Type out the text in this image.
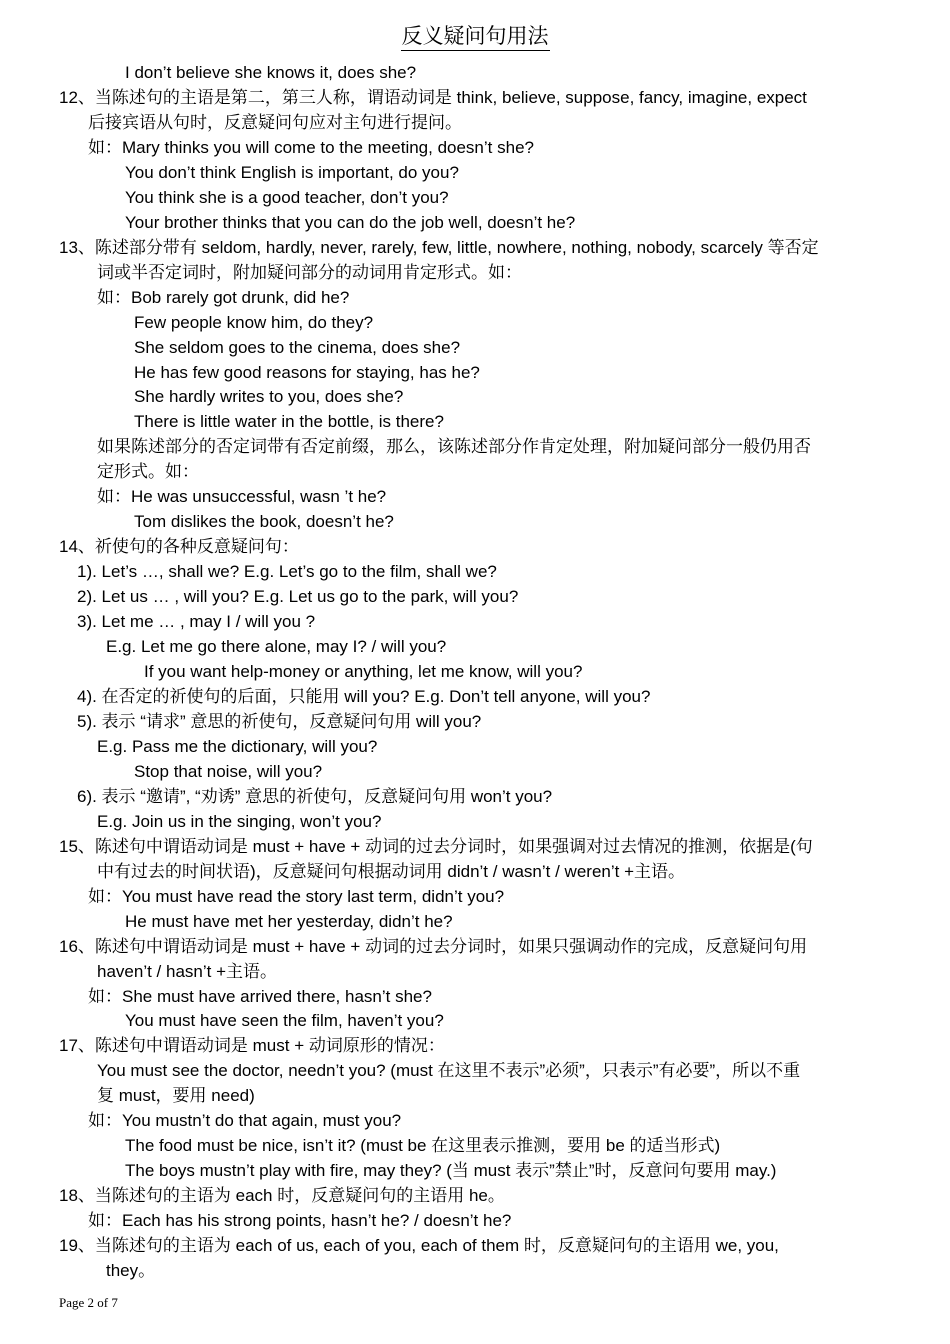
反义疑问句用法
I don’t believe she knows it, does she?
12、当陈述句的主语是第二，第三人称，谓语动词是 think, believe, suppose, fancy, imagine, expect
后接宾语从句时，反意疑问句应对主句进行提问。
如：Mary thinks you will come to the meeting, doesn’t she?
You don’t think English is important, do you?
You think she is a good teacher, don’t you?
Your brother thinks that you can do the job well, doesn’t he?
13、陈述部分带有 seldom, hardly, never, rarely, few, little, nowhere, nothing, nobody, scarcely 等否定
词或半否定词时，附加疑问部分的动词用肯定形式。如：
如：Bob rarely got drunk, did he?
Few people know him, do they?
She seldom goes to the cinema, does she?
He has few good reasons for staying, has he?
She hardly writes to you, does she?
There is little water in the bottle, is there?
如果陈述部分的否定词带有否定前缀，那么，该陈述部分作肯定处理，附加疑问部分一般仍用否
定形式。如：
如：He was unsuccessful, wasn ’t he?
Tom dislikes the book, doesn’t he?
14、祈使句的各种反意疑问句：
1). Let’s …, shall we? E.g. Let’s go to the film, shall we?
2). Let us … , will you? E.g. Let us go to the park, will you?
3). Let me … , may I / will you ?
E.g. Let me go there alone, may I? / will you?
If you want help-money or anything, let me know, will you?
4). 在否定的祈使句的后面，只能用 will you? E.g. Don’t tell anyone, will you?
5). 表示 “请求” 意思的祈使句，反意疑问句用 will you?
E.g. Pass me the dictionary, will you?
Stop that noise, will you?
6). 表示 “邀请”, “劝诱” 意思的祈使句，反意疑问句用 won’t you?
E.g. Join us in the singing, won’t you?
15、陈述句中谓语动词是 must + have + 动词的过去分词时，如果强调对过去情况的推测，依据是(句
中有过去的时间状语)，反意疑问句根据动词用 didn’t / wasn’t / weren’t +主语。
如：You must have read the story last term, didn’t you?
He must have met her yesterday, didn’t he?
16、陈述句中谓语动词是 must + have + 动词的过去分词时，如果只强调动作的完成，反意疑问句用
haven’t / hasn’t +主语。
如：She must have arrived there, hasn’t she?
You must have seen the film, haven’t you?
17、陈述句中谓语动词是 must + 动词原形的情况：
You must see the doctor, needn’t you? (must 在这里不表示”必须”，只表示”有必要”，所以不重
复 must，要用 need)
如：You mustn’t do that again, must you?
The food must be nice, isn’t it? (must be 在这里表示推测，要用 be 的适当形式)
The boys mustn’t play with fire, may they? (当 must 表示”禁止”时，反意问句要用 may.)
18、当陈述句的主语为 each 时，反意疑问句的主语用 he。
如：Each has his strong points, hasn’t he? / doesn’t he?
19、当陈述句的主语为 each of us, each of you, each of them 时，反意疑问句的主语用 we, you,
they。
Page 2 of 7
